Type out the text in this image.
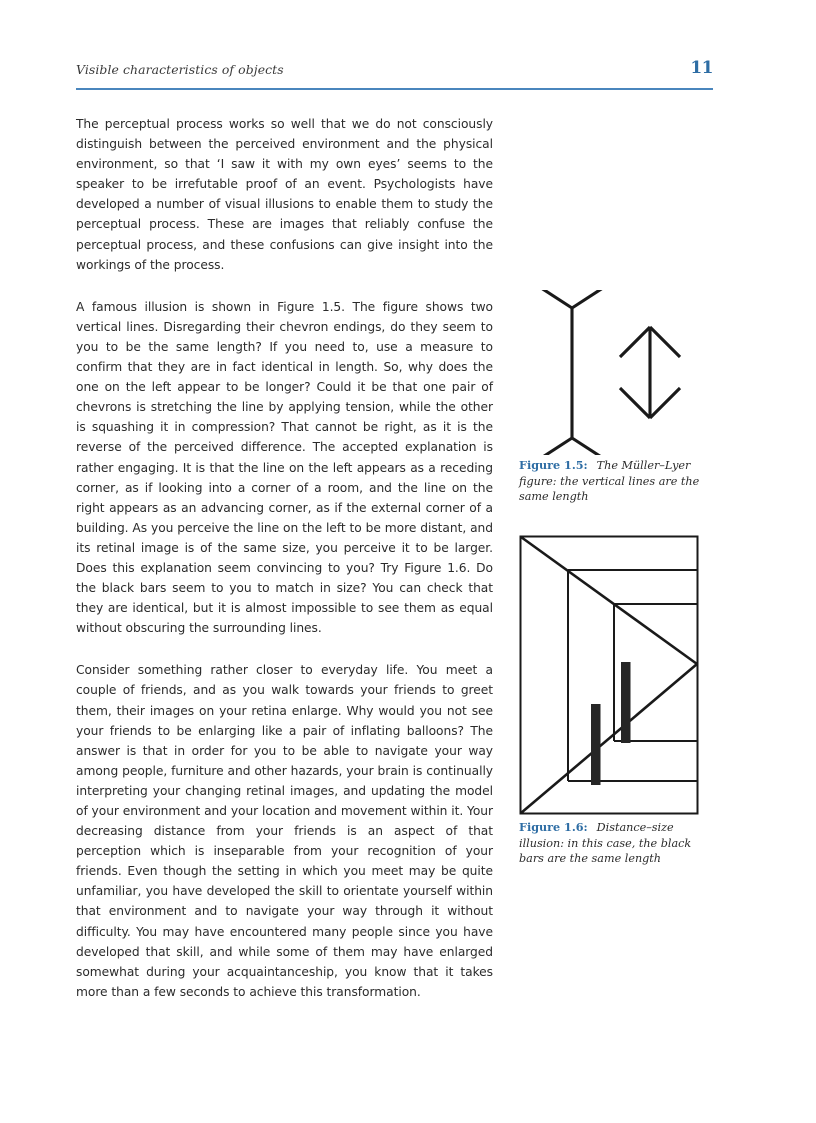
Visible characteristics of objects	11

The perceptual process works so well that we do not consciously distinguish between the perceived environment and the physical environment, so that ‘I saw it with my own eyes’ seems to the speaker to be irrefutable proof of an event. Psychologists have developed a number of visual illusions to enable them to study the perceptual process. These are images that reliably confuse the perceptual process, and these confusions can give insight into the workings of the process.

A famous illusion is shown in Figure 1.5. The figure shows two vertical lines. Disregarding their chevron endings, do they seem to you to be the same length? If you need to, use a measure to confirm that they are in fact identical in length. So, why does the one on the left appear to be longer? Could it be that one pair of chevrons is stretching the line by applying tension, while the other is squashing it in compression? That cannot be right, as it is the reverse of the perceived difference. The accepted explanation is rather engaging. It is that the line on the left appears as a receding corner, as if looking into a corner of a room, and the line on the right appears as an advancing corner, as if the external corner of a building. As you perceive the line on the left to be more distant, and its retinal image is of the same size, you perceive it to be larger. Does this explanation seem convincing to you? Try Figure 1.6. Do the black bars seem to you to match in size? You can check that they are identical, but it is almost impossible to see them as equal without obscuring the surrounding lines.

Consider something rather closer to everyday life. You meet a couple of friends, and as you walk towards your friends to greet them, their images on your retina enlarge. Why would you not see your friends to be enlarging like a pair of inflating balloons? The answer is that in order for you to be able to navigate your way among people, furniture and other hazards, your brain is continually interpreting your changing retinal images, and updating the model of your environment and your location and movement within it. Your decreasing distance from your friends is an aspect of that perception which is inseparable from your recognition of your friends. Even though the setting in which you meet may be quite unfamiliar, you have developed the skill to orientate yourself within that environment and to navigate your way through it without difficulty. You may have encountered many people since you have developed that skill, and while some of them may have enlarged somewhat during your acquaintanceship, you know that it takes more than a few seconds to achieve this transformation.

Figure 1.5: The Müller–Lyer figure: the vertical lines are the same length
Figure 1.6: Distance–size illusion: in this case, the black bars are the same length
